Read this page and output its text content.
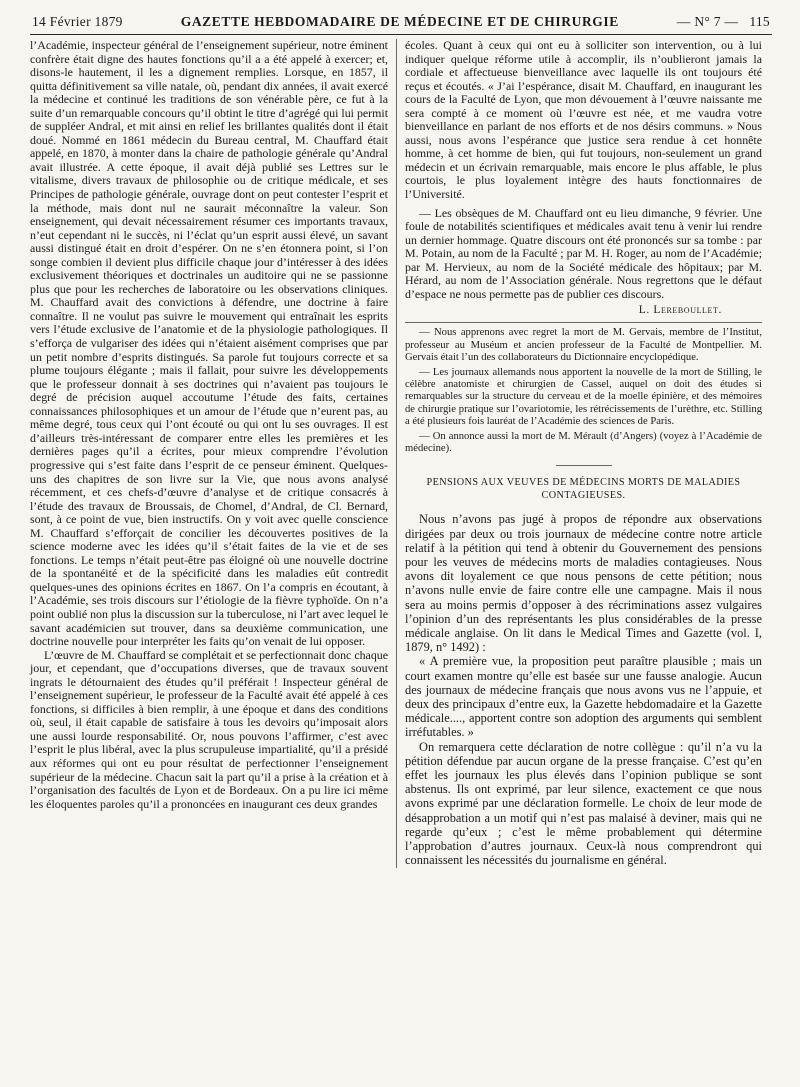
14 Février 1879	GAZETTE HEBDOMADAIRE DE MÉDECINE ET DE CHIRURGIE	— N° 7 — 115

l’Académie, inspecteur général de l’enseignement supérieur, notre éminent confrère était digne des hautes fonctions qu’il a a été appelé à exercer; et, disons-le hautement, il les a dignement remplies. Lorsque, en 1857, il quitta définitivement sa ville natale, où, pendant dix années, il avait exercé la médecine et continué les traditions de son vénérable père, ce fut à la suite d’un remarquable concours qu’il obtint le titre d’agrégé qui lui permit de suppléer Andral, et mit ainsi en relief les brillantes qualités dont il était doué. Nommé en 1861 médecin du Bureau central, M. Chauffard était appelé, en 1870, à monter dans la chaire de pathologie générale qu’Andral avait illustrée. A cette époque, il avait déjà publié ses Lettres sur le vitalisme, divers travaux de philosophie ou de critique médicale, et ses Principes de pathologie générale, ouvrage dont on peut contester l’esprit et la méthode, mais dont nul ne saurait méconnaître la valeur. Son enseignement, qui devait nécessairement résumer ces importants travaux, n’eut cependant ni le succès, ni l’éclat qu’un esprit aussi élevé, un savant aussi distingué était en droit d’espérer. On ne s’en étonnera point, si l’on songe combien il devient plus difficile chaque jour d’intéresser à des idées exclusivement théoriques et doctrinales un auditoire qui ne se passionne plus que pour les recherches de laboratoire ou les observations cliniques. M. Chauffard avait des convictions à défendre, une doctrine à faire connaître. Il ne voulut pas suivre le mouvement qui entraînait les esprits vers l’étude exclusive de l’anatomie et de la physiologie pathologiques. Il s’efforça de vulgariser des idées qui n’étaient aisément comprises que par un petit nombre d’esprits distingués. Sa parole fut toujours correcte et sa plume toujours élégante ; mais il fallait, pour suivre les développements que le professeur donnait à ses doctrines qui n’avaient pas toujours le degré de précision auquel accoutume l’étude des faits, certaines connaissances philosophiques et un amour de l’étude que n’eurent pas, au même degré, tous ceux qui l’ont écouté ou qui ont lu ses ouvrages. Il est d’ailleurs très-intéressant de comparer entre elles les premières et les dernières pages qu’il a écrites, pour mieux comprendre l’évolution progressive qui s’est faite dans l’esprit de ce penseur éminent. Quelques-uns des chapitres de son livre sur la Vie, que nous avons analysé récemment, et ces chefs-d’œuvre d’analyse et de critique consacrés à l’étude des travaux de Broussais, de Chomel, d’Andral, de Cl. Bernard, sont, à ce point de vue, bien instructifs. On y voit avec quelle conscience M. Chauffard s’efforçait de concilier les découvertes positives de la science moderne avec les idées qu’il s’était faites de la vie et de ses fonctions. Le temps n’était peut-être pas éloigné où une nouvelle doctrine de la spontanéité et de la spécificité dans les maladies eût contredit quelques-unes des opinions écrites en 1867. On l’a compris en écoutant, à l’Académie, ses trois discours sur l’étiologie de la fièvre typhoïde. On n’a point oublié non plus la discussion sur la tuberculose, ni l’art avec lequel le savant académicien sut trouver, dans sa deuxième communication, une doctrine nouvelle pour interpréter les faits qu’on venait de lui opposer.

L’œuvre de M. Chauffard se complétait et se perfectionnait donc chaque jour, et cependant, que d’occupations diverses, que de travaux souvent ingrats le détournaient des études qu’il préférait ! Inspecteur général de l’enseignement supérieur, le professeur de la Faculté avait été appelé à ces fonctions, si difficiles à bien remplir, à une époque et dans des conditions où, seul, il était capable de satisfaire à tous les devoirs qu’imposait alors une aussi lourde responsabilité. Or, nous pouvons l’affirmer, c’est avec l’esprit le plus libéral, avec la plus scrupuleuse impartialité, qu’il a présidé aux réformes qui ont eu pour résultat de perfectionner l’enseignement supérieur de la médecine. Chacun sait la part qu’il a prise à la création et à l’organisation des facultés de Lyon et de Bordeaux. On a pu lire ici même les éloquentes paroles qu’il a prononcées en inaugurant ces deux grandes

écoles. Quant à ceux qui ont eu à solliciter son intervention, ou à lui indiquer quelque réforme utile à accomplir, ils n’oublieront jamais la cordiale et affectueuse bienveillance avec laquelle ils ont toujours été reçus et écoutés. « J’ai l’espérance, disait M. Chauffard, en inaugurant les cours de la Faculté de Lyon, que mon dévouement à l’œuvre naissante me sera compté à ce moment où l’œuvre est née, et me vaudra votre bienveillance en parlant de nos efforts et de nos désirs communs. » Nous aussi, nous avons l’espérance que justice sera rendue à cet honnête homme, à cet homme de bien, qui fut toujours, non-seulement un grand médecin et un écrivain remarquable, mais encore le plus affable, le plus courtois, le plus loyalement intègre des hauts fonctionnaires de l’Université.

— Les obsèques de M. Chauffard ont eu lieu dimanche, 9 février. Une foule de notabilités scientifiques et médicales avait tenu à venir lui rendre un dernier hommage. Quatre discours ont été prononcés sur sa tombe : par M. Potain, au nom de la Faculté ; par M. H. Roger, au nom de l’Académie; par M. Hervieux, au nom de la Société médicale des hôpitaux; par M. Hérard, au nom de l’Association générale. Nous regrettons que le défaut d’espace ne nous permette pas de publier ces discours.

L. Lereboullet.

— Nous apprenons avec regret la mort de M. Gervais, membre de l’Institut, professeur au Muséum et ancien professeur de la Faculté de Montpellier. M. Gervais était l’un des collaborateurs du Dictionnaire encyclopédique.

— Les journaux allemands nous apportent la nouvelle de la mort de Stilling, le célèbre anatomiste et chirurgien de Cassel, auquel on doit des études si remarquables sur la structure du cerveau et de la moelle épinière, et des mémoires de chirurgie pratique sur l’ovariotomie, les rétrécissements de l’urèthre, etc. Stilling a été plusieurs fois lauréat de l’Académie des sciences de Paris.

— On annonce aussi la mort de M. Mérault (d’Angers) (voyez à l’Académie de médecine).

PENSIONS AUX VEUVES DE MÉDECINS MORTS DE MALADIES CONTAGIEUSES.

Nous n’avons pas jugé à propos de répondre aux observations dirigées par deux ou trois journaux de médecine contre notre article relatif à la pétition qui tend à obtenir du Gouvernement des pensions pour les veuves de médecins morts de maladies contagieuses. Nous avons dit loyalement ce que nous pensons de cette pétition; nous n’avons nulle envie de faire contre elle une campagne. Mais il nous sera au moins permis d’opposer à des récriminations assez vulgaires l’opinion d’un des représentants les plus considérables de la presse médicale anglaise. On lit dans le Medical Times and Gazette (vol. I, 1879, n° 1492) :

« A première vue, la proposition peut paraître plausible ; mais un court examen montre qu’elle est basée sur une fausse analogie. Aucun des journaux de médecine français que nous avons vus ne l’appuie, et deux des principaux d’entre eux, la Gazette hebdomadaire et la Gazette médicale...., apportent contre son adoption des arguments qui semblent irréfutables. »

On remarquera cette déclaration de notre collègue : qu’il n’a vu la pétition défendue par aucun organe de la presse française. C’est qu’en effet les journaux les plus élevés dans l’opinion publique se sont abstenus. Ils ont exprimé, par leur silence, exactement ce que nous avons exprimé par une déclaration formelle. Le choix de leur mode de désapprobation a un motif qui n’est pas malaisé à deviner, mais qui ne regarde qu’eux ; c’est le même probablement qui détermine l’approbation d’autres journaux. Ceux-là nous comprendront qui connaissent les nécessités du journalisme en général.
